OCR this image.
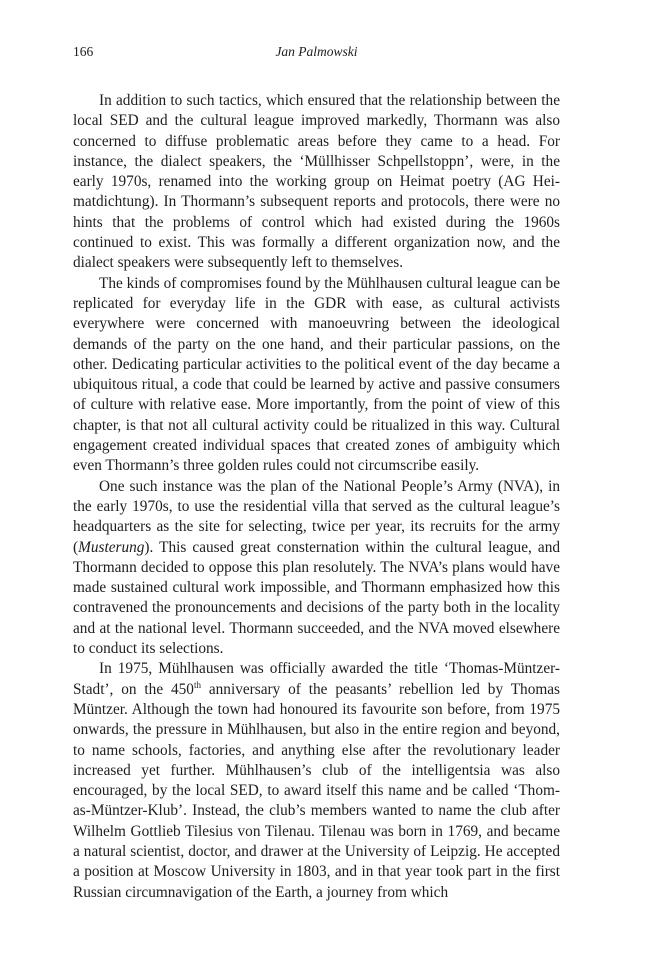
166	Jan Palmowski

In addition to such tactics, which ensured that the relationship between the local SED and the cultural league improved markedly, Thormann was also concerned to diffuse problematic areas before they came to a head. For instance, the dialect speakers, the ‘Müllhisser Schpellstoppn’, were, in the early 1970s, renamed into the working group on Heimat poetry (AG Heimatdichtung). In Thormann’s subsequent reports and protocols, there were no hints that the problems of control which had existed during the 1960s continued to exist. This was formally a different organization now, and the dialect speakers were subsequently left to themselves.

The kinds of compromises found by the Mühlhausen cultural league can be replicated for everyday life in the GDR with ease, as cultural activists everywhere were concerned with manoeuvring between the ideological demands of the party on the one hand, and their particular passions, on the other. Dedicating particular activities to the political event of the day became a ubiquitous ritual, a code that could be learned by active and passive consumers of culture with relative ease. More importantly, from the point of view of this chapter, is that not all cultural activity could be ritualized in this way. Cultural engagement created individual spaces that created zones of ambiguity which even Thormann’s three golden rules could not circumscribe easily.

One such instance was the plan of the National People’s Army (NVA), in the early 1970s, to use the residential villa that served as the cultural league’s headquarters as the site for selecting, twice per year, its recruits for the army (Musterung). This caused great consternation within the cultural league, and Thormann decided to oppose this plan resolutely. The NVA’s plans would have made sustained cultural work impossible, and Thormann emphasized how this contravened the pronouncements and decisions of the party both in the locality and at the national level. Thormann succeeded, and the NVA moved elsewhere to conduct its selections.

In 1975, Mühlhausen was officially awarded the title ‘Thomas-Müntzer-Stadt’, on the 450th anniversary of the peasants’ rebellion led by Thomas Müntzer. Although the town had honoured its favourite son before, from 1975 onwards, the pressure in Mühlhausen, but also in the entire region and beyond, to name schools, factories, and anything else after the revolutionary leader increased yet further. Mühlhausen’s club of the intelligentsia was also encouraged, by the local SED, to award itself this name and be called ‘Thomas-Müntzer-Klub’. Instead, the club’s members wanted to name the club after Wilhelm Gottlieb Tilesius von Tilenau. Tilenau was born in 1769, and became a natural scientist, doctor, and drawer at the University of Leipzig. He accepted a position at Moscow University in 1803, and in that year took part in the first Russian circumnavigation of the Earth, a journey from which
